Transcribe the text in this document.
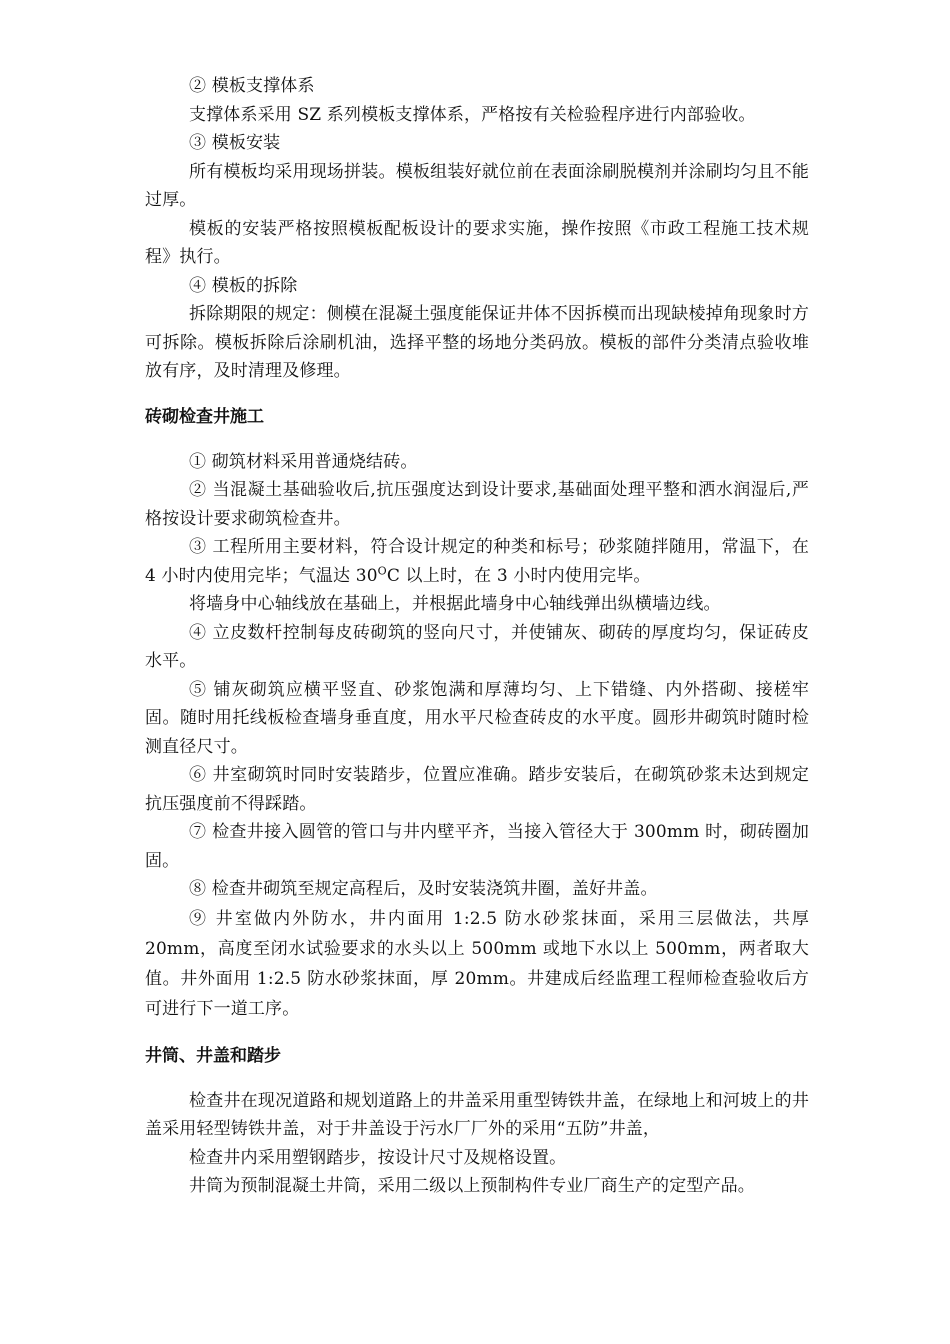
② 模板支撑体系

支撑体系采用 SZ 系列模板支撑体系，严格按有关检验程序进行内部验收。

③ 模板安装

所有模板均采用现场拼装。模板组装好就位前在表面涂刷脱模剂并涂刷均匀且不能过厚。

模板的安装严格按照模板配板设计的要求实施，操作按照《市政工程施工技术规程》执行。

④ 模板的拆除

拆除期限的规定：侧模在混凝土强度能保证井体不因拆模而出现缺棱掉角现象时方可拆除。模板拆除后涂刷机油，选择平整的场地分类码放。模板的部件分类清点验收堆放有序，及时清理及修理。

砖砌检查井施工

① 砌筑材料采用普通烧结砖。

② 当混凝土基础验收后,抗压强度达到设计要求,基础面处理平整和洒水润湿后,严格按设计要求砌筑检查井。

③ 工程所用主要材料，符合设计规定的种类和标号；砂浆随拌随用，常温下，在 4 小时内使用完毕；气温达 $30^OC$ 以上时，在 3 小时内使用完毕。

将墙身中心轴线放在基础上，并根据此墙身中心轴线弹出纵横墙边线。

④ 立皮数杆控制每皮砖砌筑的竖向尺寸，并使铺灰、砌砖的厚度均匀，保证砖皮水平。

⑤ 铺灰砌筑应横平竖直、砂浆饱满和厚薄均匀、上下错缝、内外搭砌、接槎牢固。随时用托线板检查墙身垂直度，用水平尺检查砖皮的水平度。圆形井砌筑时随时检测直径尺寸。

⑥ 井室砌筑时同时安装踏步，位置应准确。踏步安装后，在砌筑砂浆未达到规定抗压强度前不得踩踏。

⑦ 检查井接入圆管的管口与井内壁平齐，当接入管径大于 300mm 时，砌砖圈加固。

⑧ 检查井砌筑至规定高程后，及时安装浇筑井圈，盖好井盖。

⑨ 井室做内外防水，井内面用 1:2.5 防水砂浆抹面，采用三层做法，共厚 20mm，高度至闭水试验要求的水头以上 500mm 或地下水以上 500mm，两者取大值。井外面用 1:2.5 防水砂浆抹面，厚 20mm。井建成后经监理工程师检查验收后方可进行下一道工序。

井筒、井盖和踏步

检查井在现况道路和规划道路上的井盖采用重型铸铁井盖，在绿地上和河坡上的井盖采用轻型铸铁井盖，对于井盖设于污水厂厂外的采用“五防”井盖，

检查井内采用塑钢踏步，按设计尺寸及规格设置。

井筒为预制混凝土井筒，采用二级以上预制构件专业厂商生产的定型产品。
